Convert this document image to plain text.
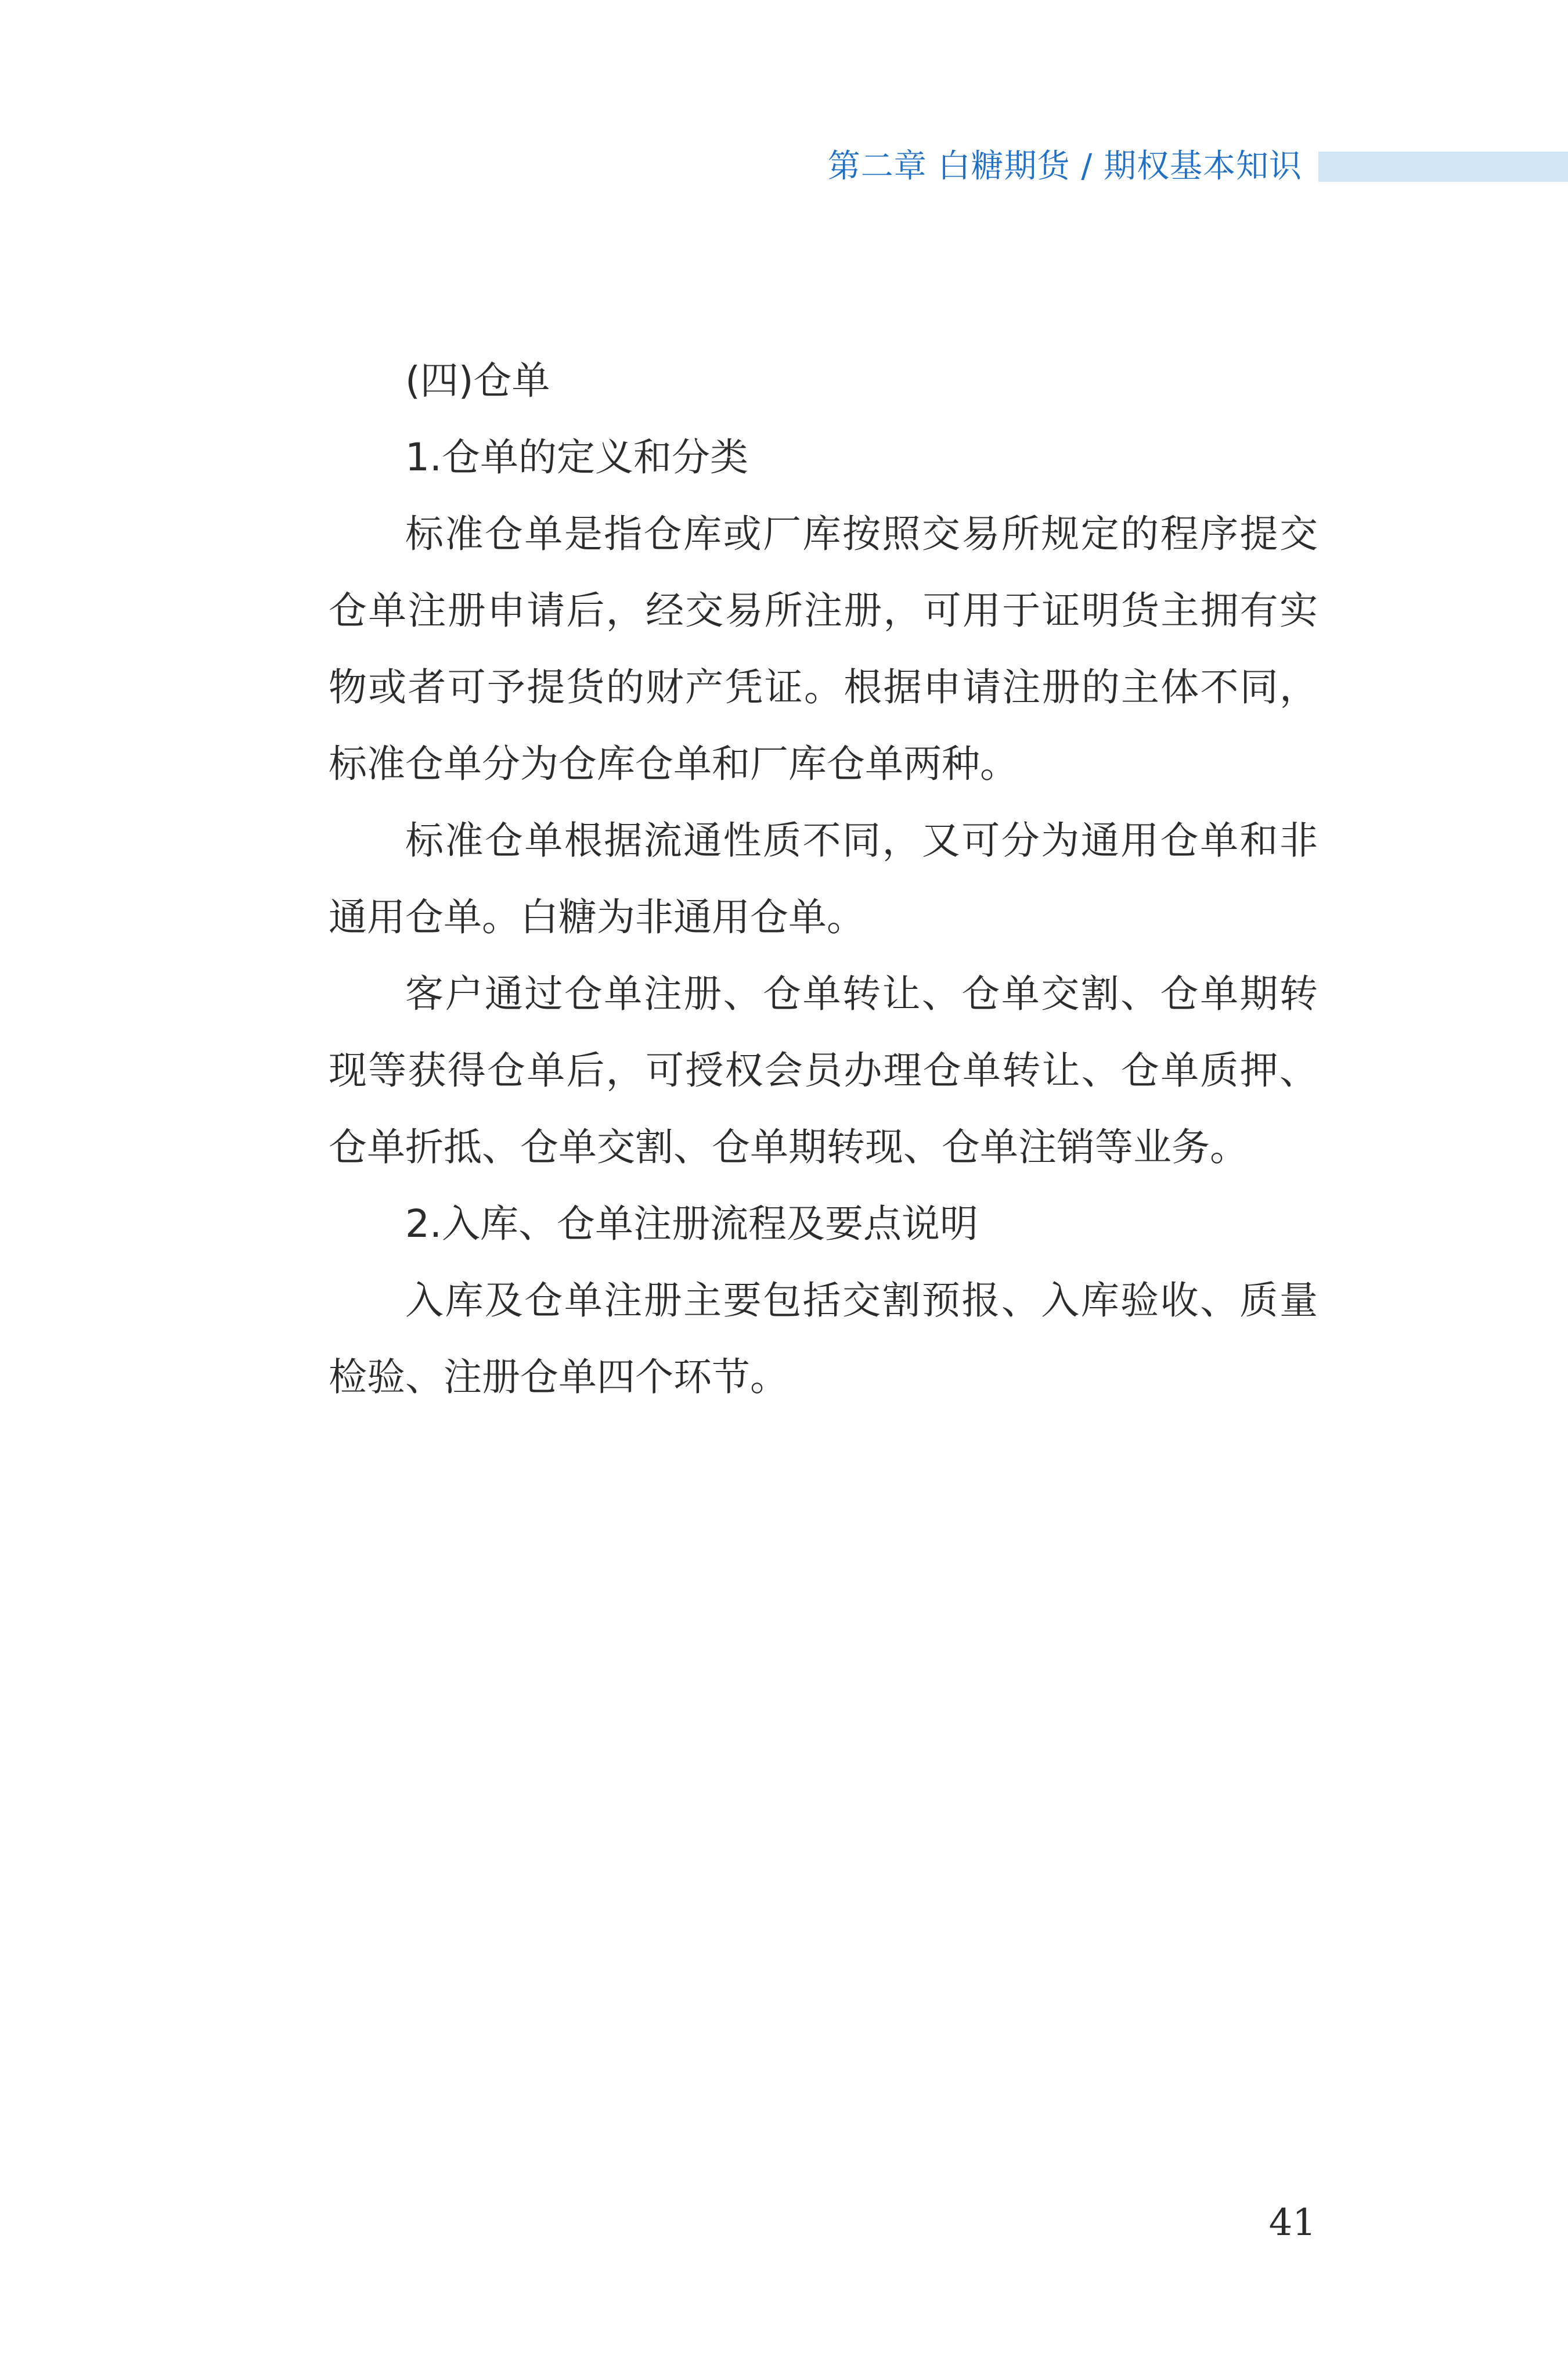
第二章 白糖期货 / 期权基本知识

(四)仓单

1.仓单的定义和分类

标准仓单是指仓库或厂库按照交易所规定的程序提交仓单注册申请后，经交易所注册，可用于证明货主拥有实物或者可予提货的财产凭证。根据申请注册的主体不同，标准仓单分为仓库仓单和厂库仓单两种。

标准仓单根据流通性质不同，又可分为通用仓单和非通用仓单。白糖为非通用仓单。

客户通过仓单注册、仓单转让、仓单交割、仓单期转现等获得仓单后，可授权会员办理仓单转让、仓单质押、仓单折抵、仓单交割、仓单期转现、仓单注销等业务。

2.入库、仓单注册流程及要点说明

入库及仓单注册主要包括交割预报、入库验收、质量检验、注册仓单四个环节。

41
